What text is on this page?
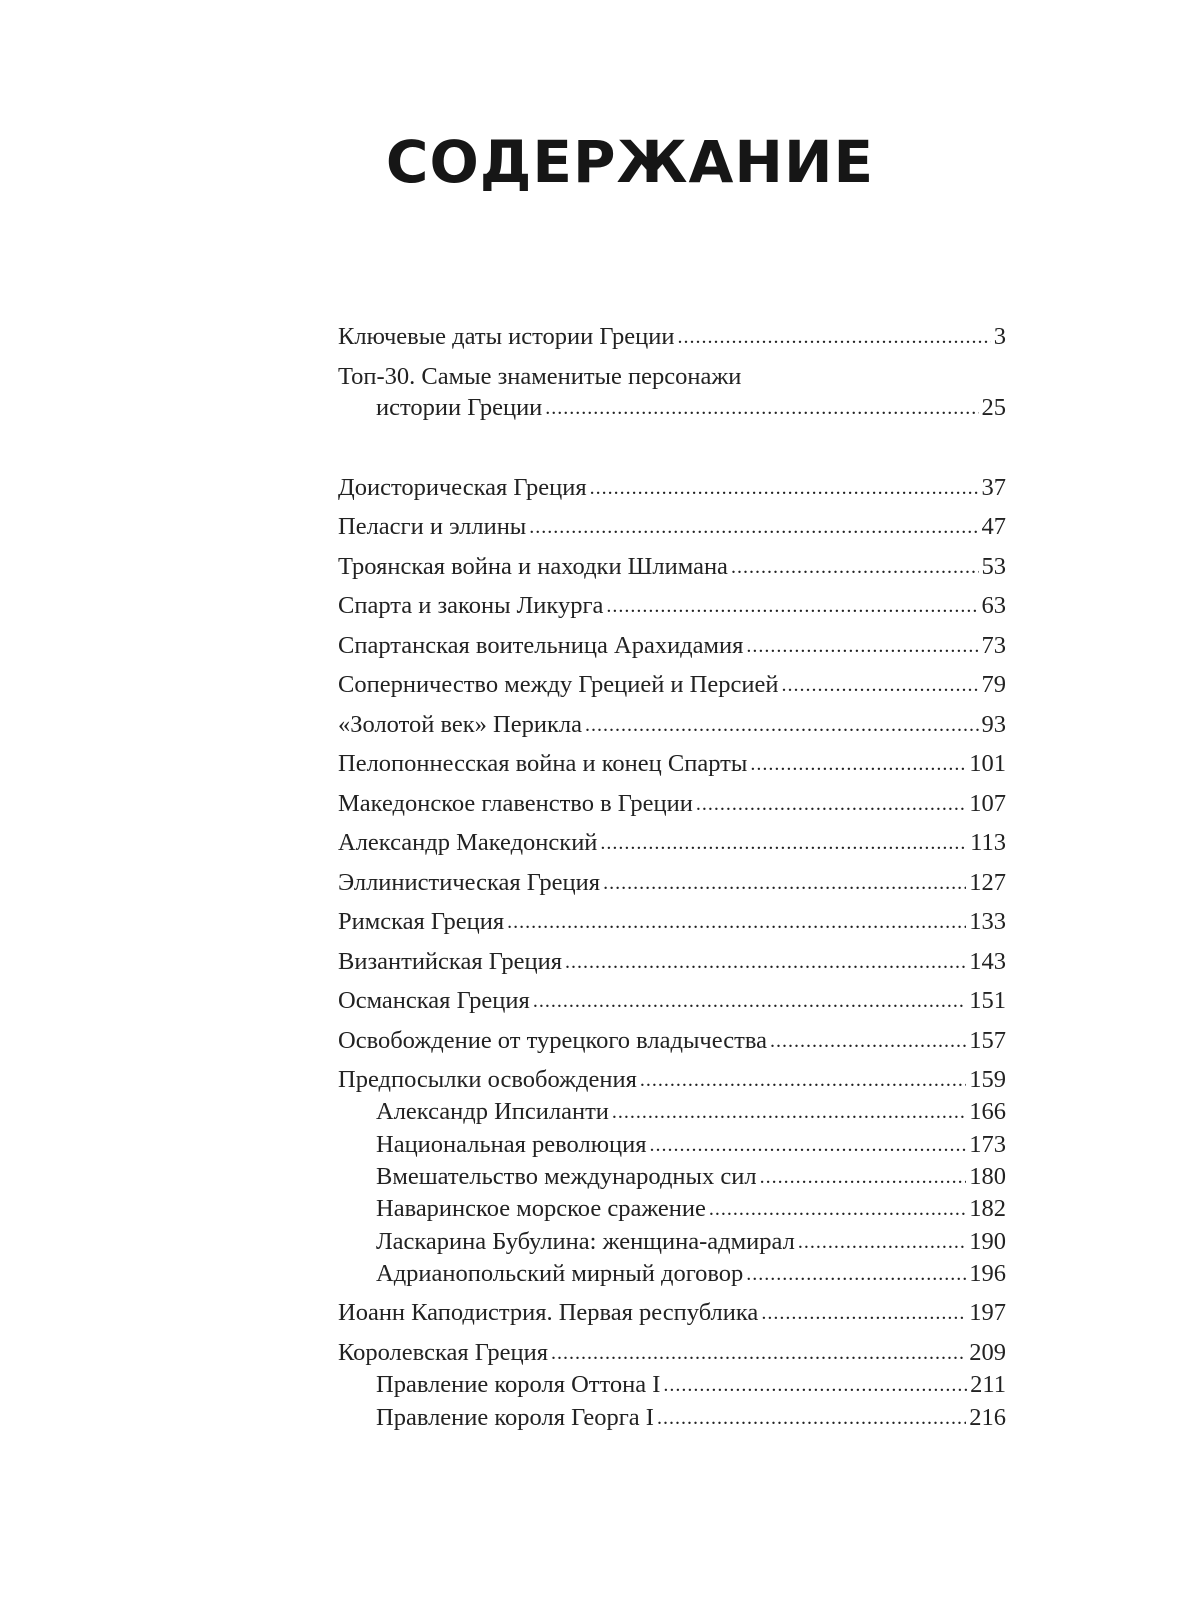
СОДЕРЖАНИЕ
Ключевые даты истории Греции .....	3
Топ-30. Самые знаменитые персонажи
истории Греции .....	25
Доисторическая Греция .....	37
Пеласги и эллины .....	47
Троянская война и находки Шлимана .....	53
Спарта и законы Ликурга .....	63
Спартанская воительница Арахидамия .....	73
Соперничество между Грецией и Персией .....	79
«Золотой век» Перикла .....	93
Пелопоннесская война и конец Спарты .....	101
Македонское главенство в Греции .....	107
Александр Македонский .....	113
Эллинистическая Греция .....	127
Римская Греция .....	133
Византийская Греция .....	143
Османская Греция .....	151
Освобождение от турецкого владычества .....	157
Предпосылки освобождения .....	159
Александр Ипсиланти .....	166
Национальная революция .....	173
Вмешательство международных сил .....	180
Наваринское морское сражение .....	182
Ласкарина Бубулина: женщина-адмирал .....	190
Адрианопольский мирный договор .....	196
Иоанн Каподистрия. Первая республика .....	197
Королевская Греция .....	209
Правление короля Оттона I .....	211
Правление короля Георга I .....	216
